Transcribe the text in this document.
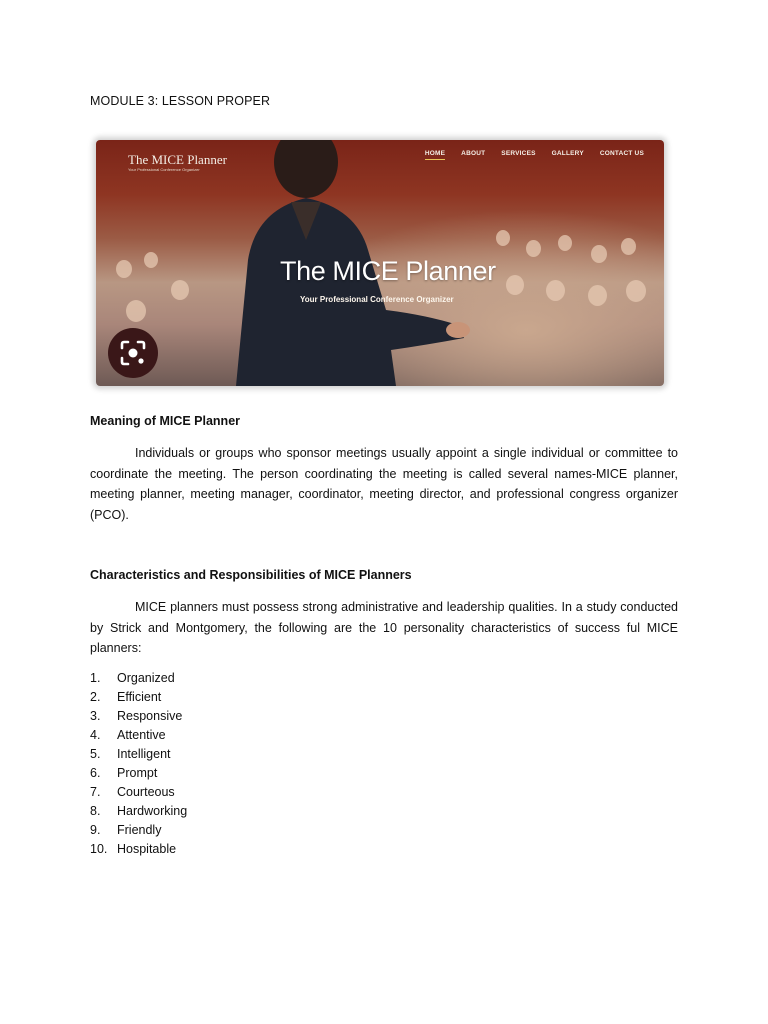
MODULE 3: LESSON PROPER
The MICE Planner
Your Professional Conference Organizer
HOME ABOUT SERVICES GALLERY CONTACT US
The MICE Planner
Your Professional Conference Organizer
Meaning of MICE Planner

Individuals or groups who sponsor meetings usually appoint a single individual or committee to coordinate the meeting. The person coordinating the meeting is called several names-MICE planner, meeting planner, meeting manager, coordinator, meeting director, and professional congress organizer (PCO).

Characteristics and Responsibilities of MICE Planners

MICE planners must possess strong administrative and leadership qualities. In a study conducted by Strick and Montgomery, the following are the 10 personality characteristics of success ful MICE planners:

1.	Organized
2.	Efficient
3.	Responsive
4.	Attentive
5.	Intelligent
6.	Prompt
7.	Courteous
8.	Hardworking
9.	Friendly
10. Hospitable
